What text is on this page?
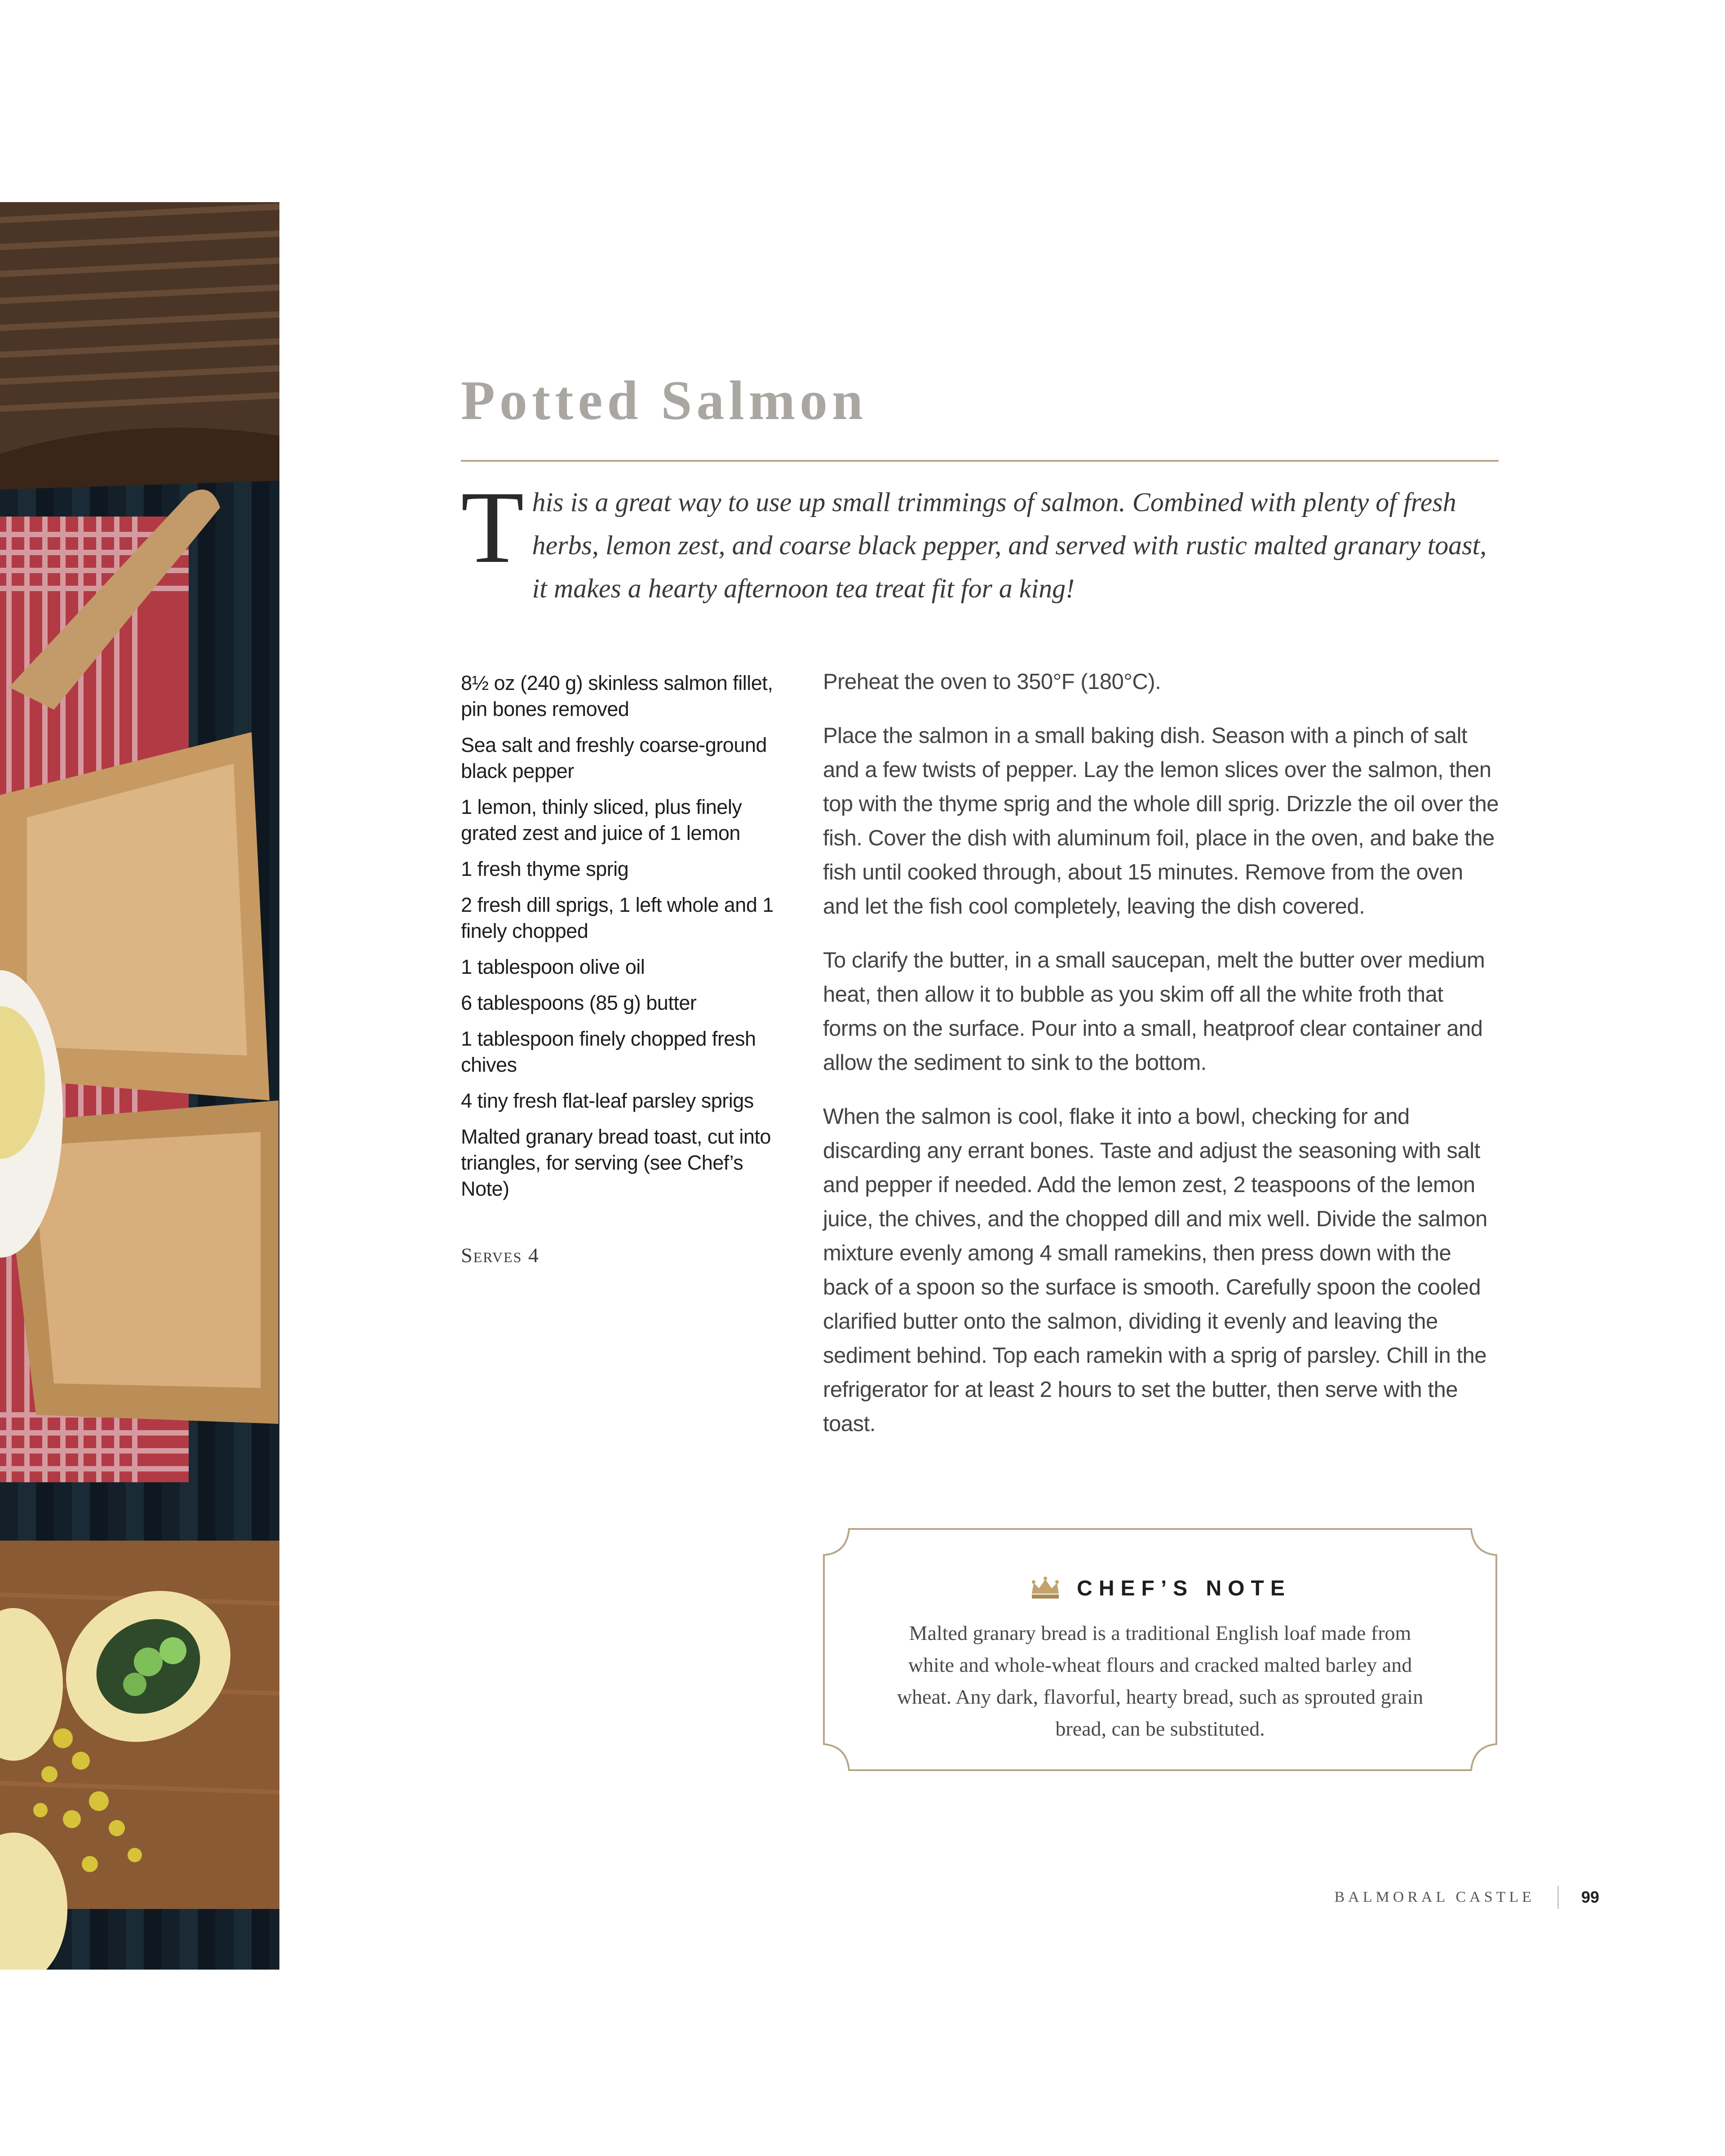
Potted Salmon

This is a great way to use up small trimmings of salmon. Combined with plenty of fresh herbs, lemon zest, and coarse black pepper, and served with rustic malted granary toast, it makes a hearty afternoon tea treat fit for a king!

8½ oz (240 g) skinless salmon fillet, pin bones removed
Sea salt and freshly coarse-ground black pepper
1 lemon, thinly sliced, plus finely grated zest and juice of 1 lemon
1 fresh thyme sprig
2 fresh dill sprigs, 1 left whole and 1 finely chopped
1 tablespoon olive oil
6 tablespoons (85 g) butter
1 tablespoon finely chopped fresh chives
4 tiny fresh flat-leaf parsley sprigs
Malted granary bread toast, cut into triangles, for serving (see Chef’s Note)
Serves 4

Preheat the oven to 350°F (180°C).

Place the salmon in a small baking dish. Season with a pinch of salt and a few twists of pepper. Lay the lemon slices over the salmon, then top with the thyme sprig and the whole dill sprig. Drizzle the oil over the fish. Cover the dish with aluminum foil, place in the oven, and bake the fish until cooked through, about 15 minutes. Remove from the oven and let the fish cool completely, leaving the dish covered.

To clarify the butter, in a small saucepan, melt the butter over medium heat, then allow it to bubble as you skim off all the white froth that forms on the surface. Pour into a small, heatproof clear container and allow the sediment to sink to the bottom.

When the salmon is cool, flake it into a bowl, checking for and discarding any errant bones. Taste and adjust the seasoning with salt and pepper if needed. Add the lemon zest, 2 teaspoons of the lemon juice, the chives, and the chopped dill and mix well. Divide the salmon mixture evenly among 4 small ramekins, then press down with the back of a spoon so the surface is smooth. Carefully spoon the cooled clarified butter onto the salmon, dividing it evenly and leaving the sediment behind. Top each ramekin with a sprig of parsley. Chill in the refrigerator for at least 2 hours to set the butter, then serve with the toast.

CHEF’S NOTE

Malted granary bread is a traditional English loaf made from white and whole-wheat flours and cracked malted barley and wheat. Any dark, flavorful, hearty bread, such as sprouted grain bread, can be substituted.

BALMORAL CASTLE	99
